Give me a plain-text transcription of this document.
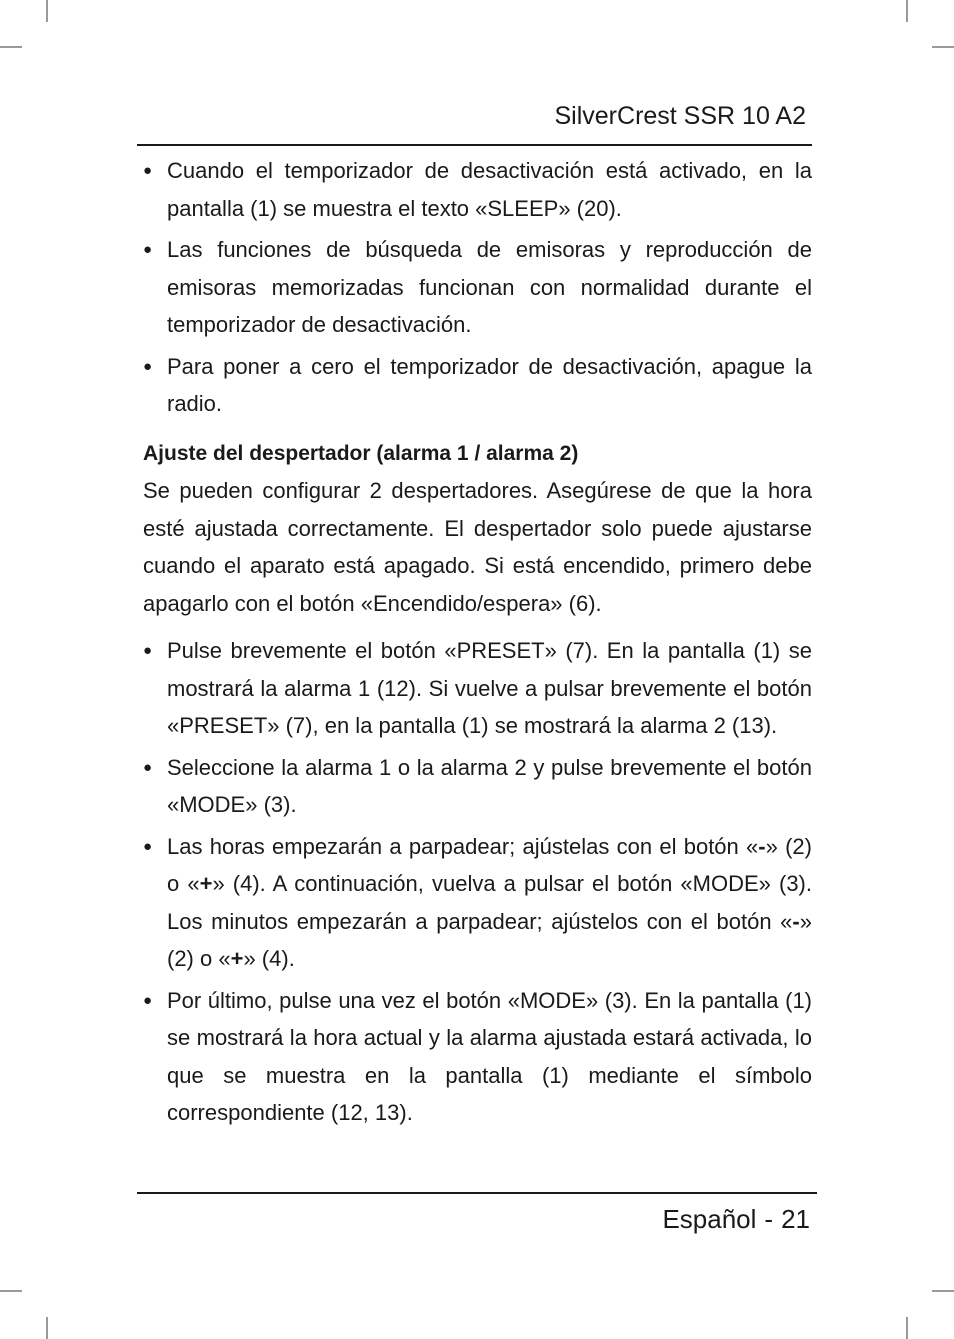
SilverCrest SSR 10 A2
● Cuando el temporizador de desactivación está activado, en la pantalla (1) se muestra el texto «SLEEP» (20).
● Las funciones de búsqueda de emisoras y reproducción de emisoras memorizadas funcionan con normalidad durante el temporizador de desactivación.
● Para poner a cero el temporizador de desactivación, apague la radio.
Ajuste del despertador (alarma 1 / alarma 2)
Se pueden configurar 2 despertadores. Asegúrese de que la hora esté ajustada correctamente. El despertador solo puede ajustarse cuando el aparato está apagado. Si está encendido, primero debe apagarlo con el botón «Encendido/espera» (6).
● Pulse brevemente el botón «PRESET» (7). En la pantalla (1) se mostrará la alarma 1 (12). Si vuelve a pulsar brevemente el botón «PRESET» (7), en la pantalla (1) se mostrará la alarma 2 (13).
● Seleccione la alarma 1 o la alarma 2 y pulse brevemente el botón «MODE» (3).
● Las horas empezarán a parpadear; ajústelas con el botón «-» (2) o «+» (4). A continuación, vuelva a pulsar el botón «MODE» (3). Los minutos empezarán a parpadear; ajústelos con el botón «-» (2) o «+» (4).
● Por último, pulse una vez el botón «MODE» (3). En la pantalla (1) se mostrará la hora actual y la alarma ajustada estará activada, lo que se muestra en la pantalla (1) mediante el símbolo correspondiente (12, 13).
Español - 21
